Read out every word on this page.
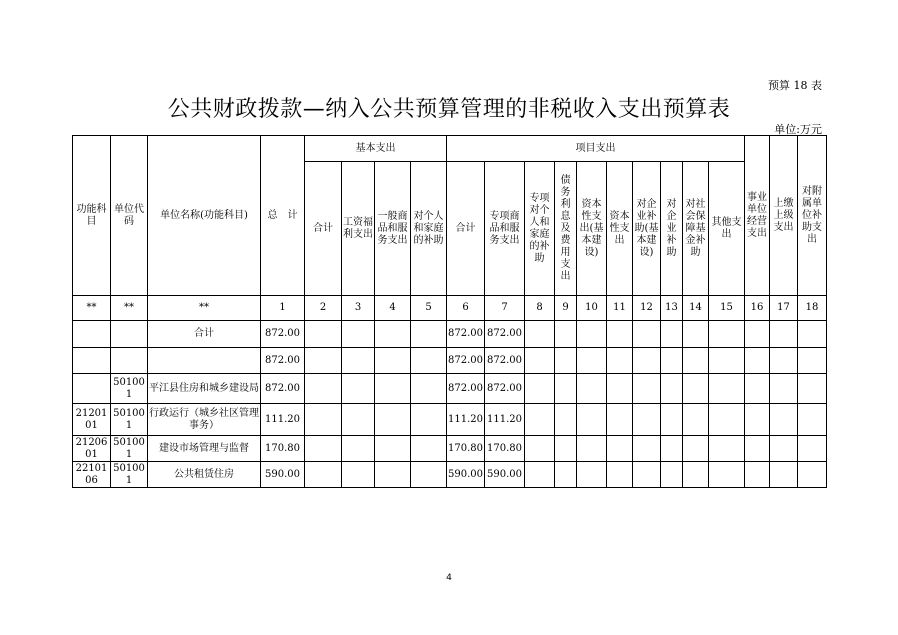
预算 18 表
公共财政拨款—纳入公共预算管理的非税收入支出预算表
单位:万元
功能科目	单位代码	单位名称(功能科目)	总　计	基本支出				项目支出										事业单位经营支出	上缴上级支出	对附属单位补助支出
				合计	工资福利支出	一般商品和服务支出	对个人和家庭的补助	合计	专项商品和服务支出	专项对个人和家庭的补助	债务利息及费用支出	资本性支出(基本建设)	资本性支出	对企业补助(基本建设)	对企业补助	对社会保障基金补助	其他支出			
**	**	**	1	2	3	4	5	6	7	8	9	10	11	12	13	14	15	16	17	18
		合计	872.00					872.00	872.00											
			872.00					872.00	872.00											
	501001	平江县住房和城乡建设局	872.00					872.00	872.00											
2120101	501001	行政运行（城乡社区管理事务）	111.20					111.20	111.20											
2120601	501001	建设市场管理与监督	170.80					170.80	170.80											
2210106	501001	公共租赁住房	590.00					590.00	590.00											
4
